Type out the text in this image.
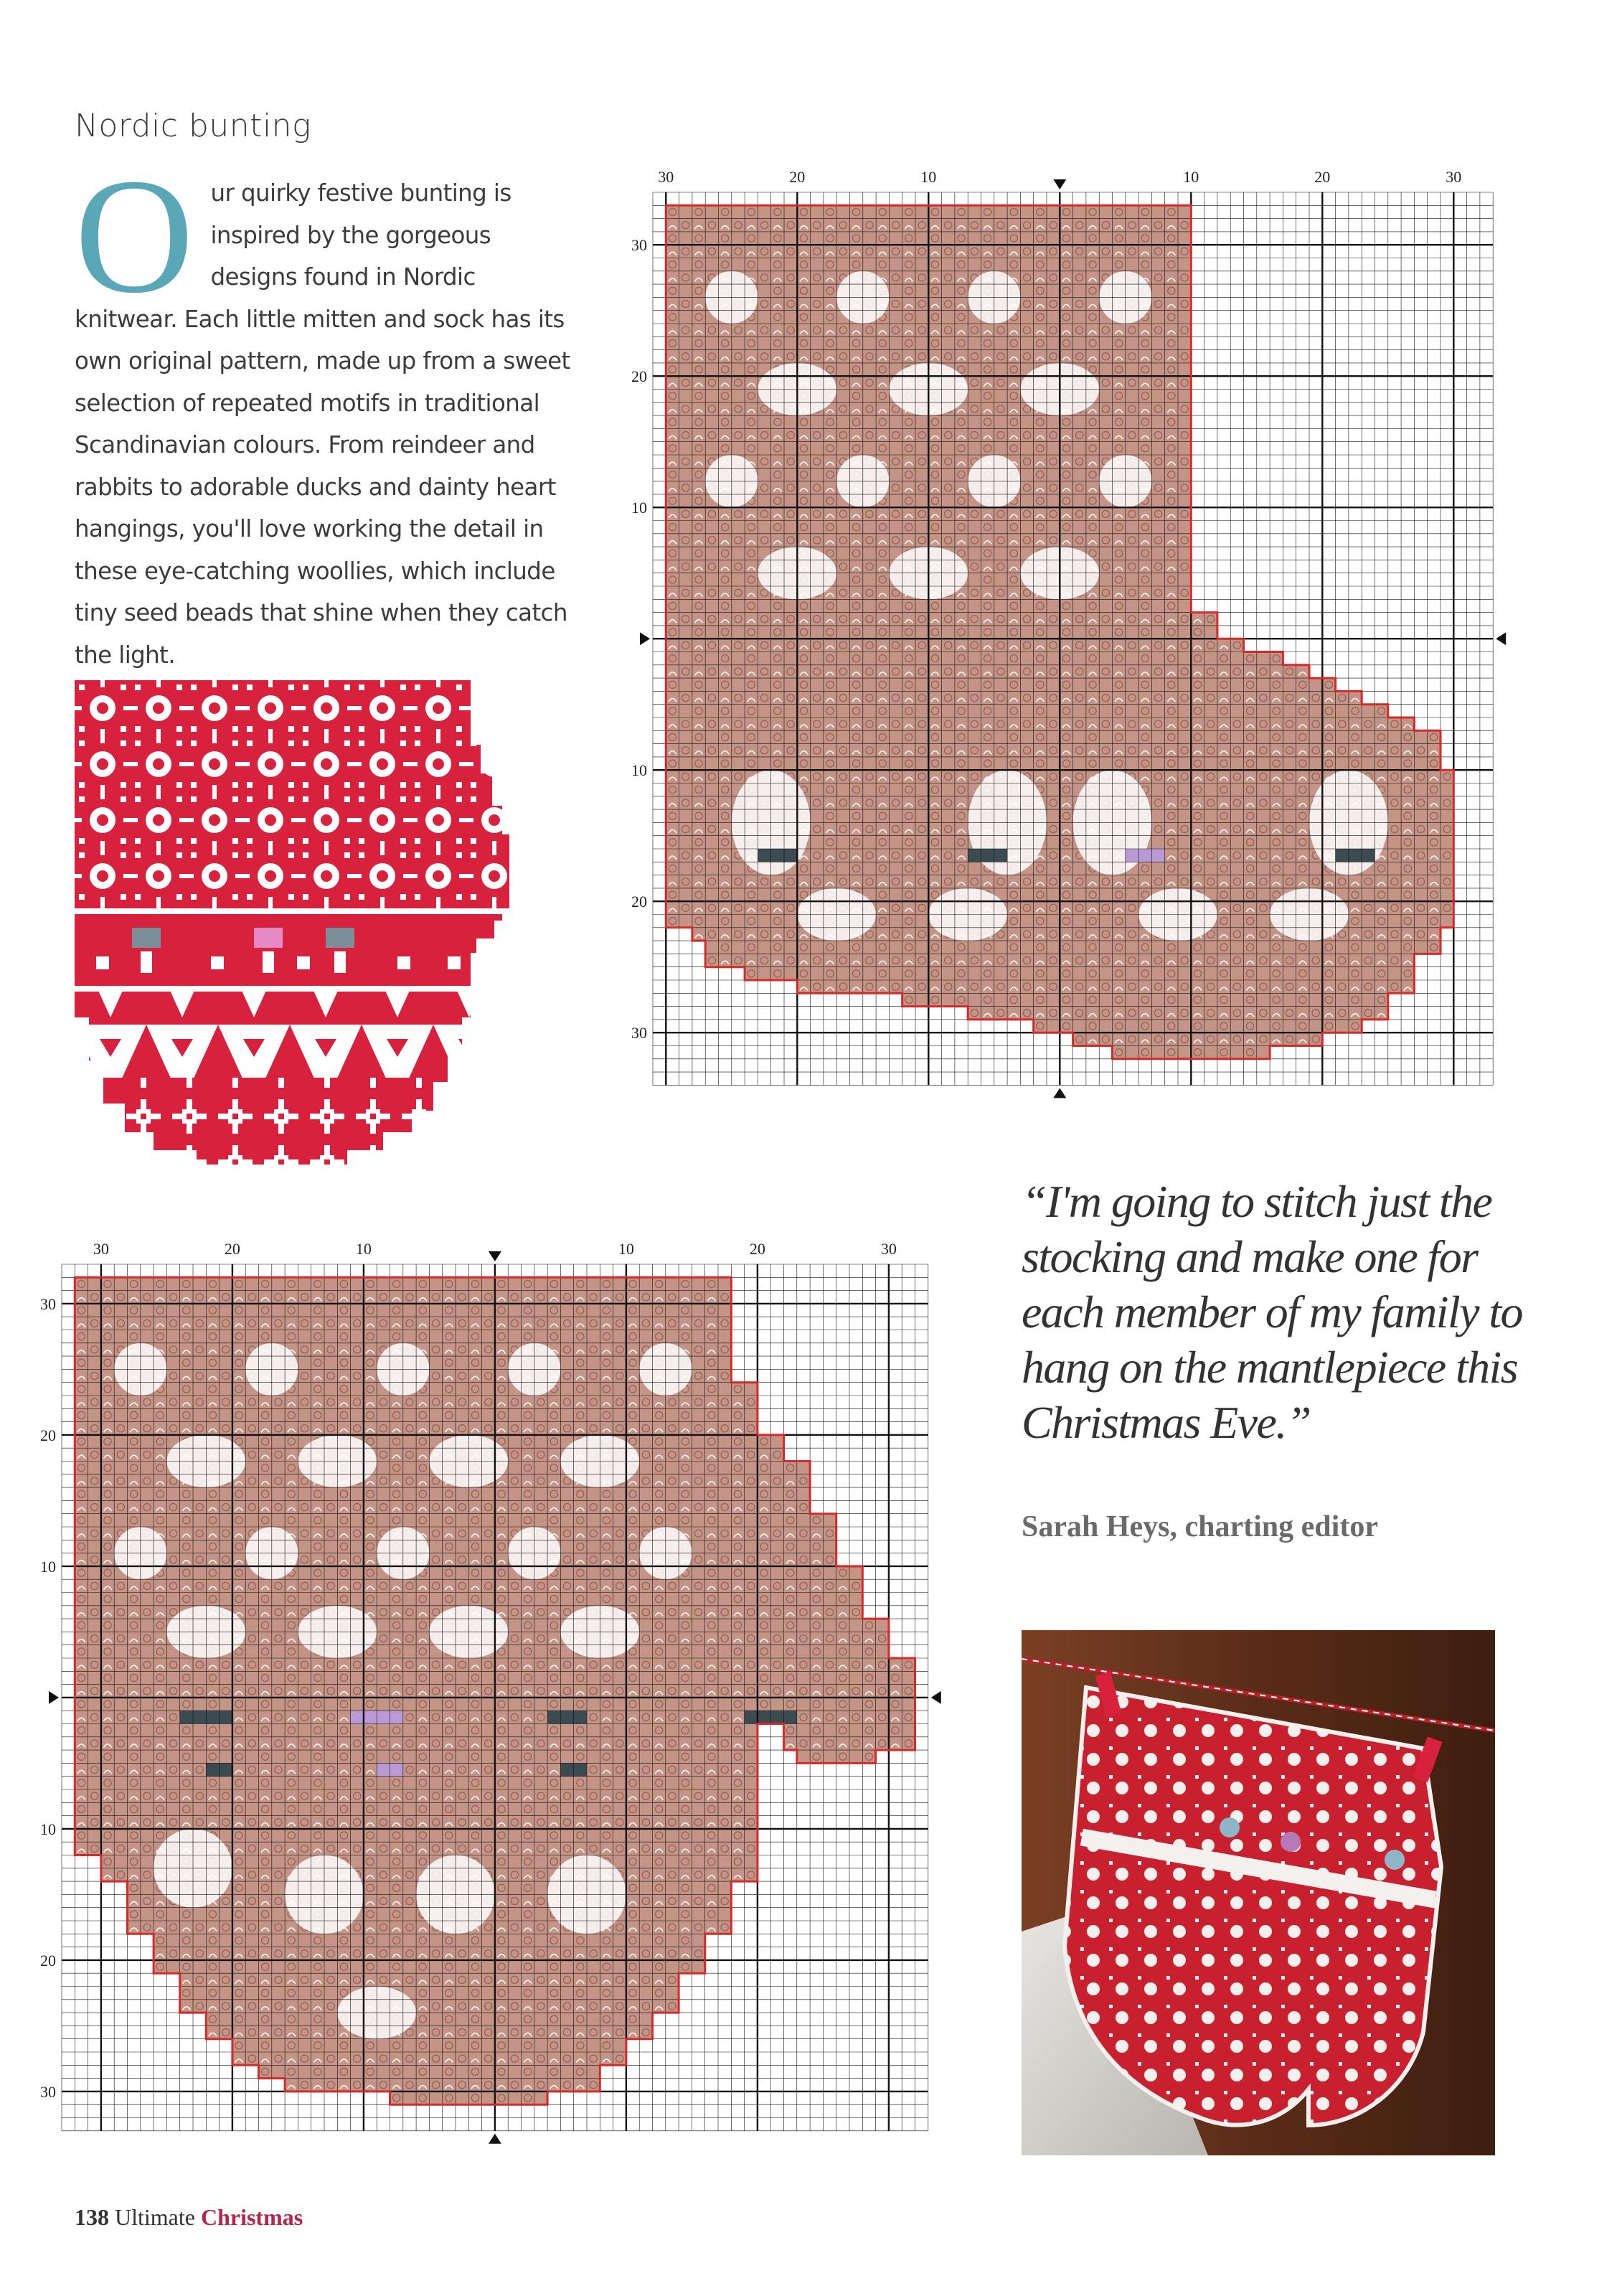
Nordic bunting
O ur quirky festive bunting is inspired by the gorgeous designs found in Nordic knitwear. Each little mitten and sock has its own original pattern, made up from a sweet selection of repeated motifs in traditional Scandinavian colours. From reindeer and rabbits to adorable ducks and dainty heart hangings, you'll love working the detail in these eye-catching woollies, which include tiny seed beads that shine when they catch the light.
30	20	10	10	20	30
30
20
10
10
20
30
30	20	10	10	20	30
30
20
10
10
20
30
“I'm going to stitch just the stocking and make one for each member of my family to hang on the mantlepiece this Christmas Eve.”
Sarah Heys, charting editor
138 Ultimate Christmas
